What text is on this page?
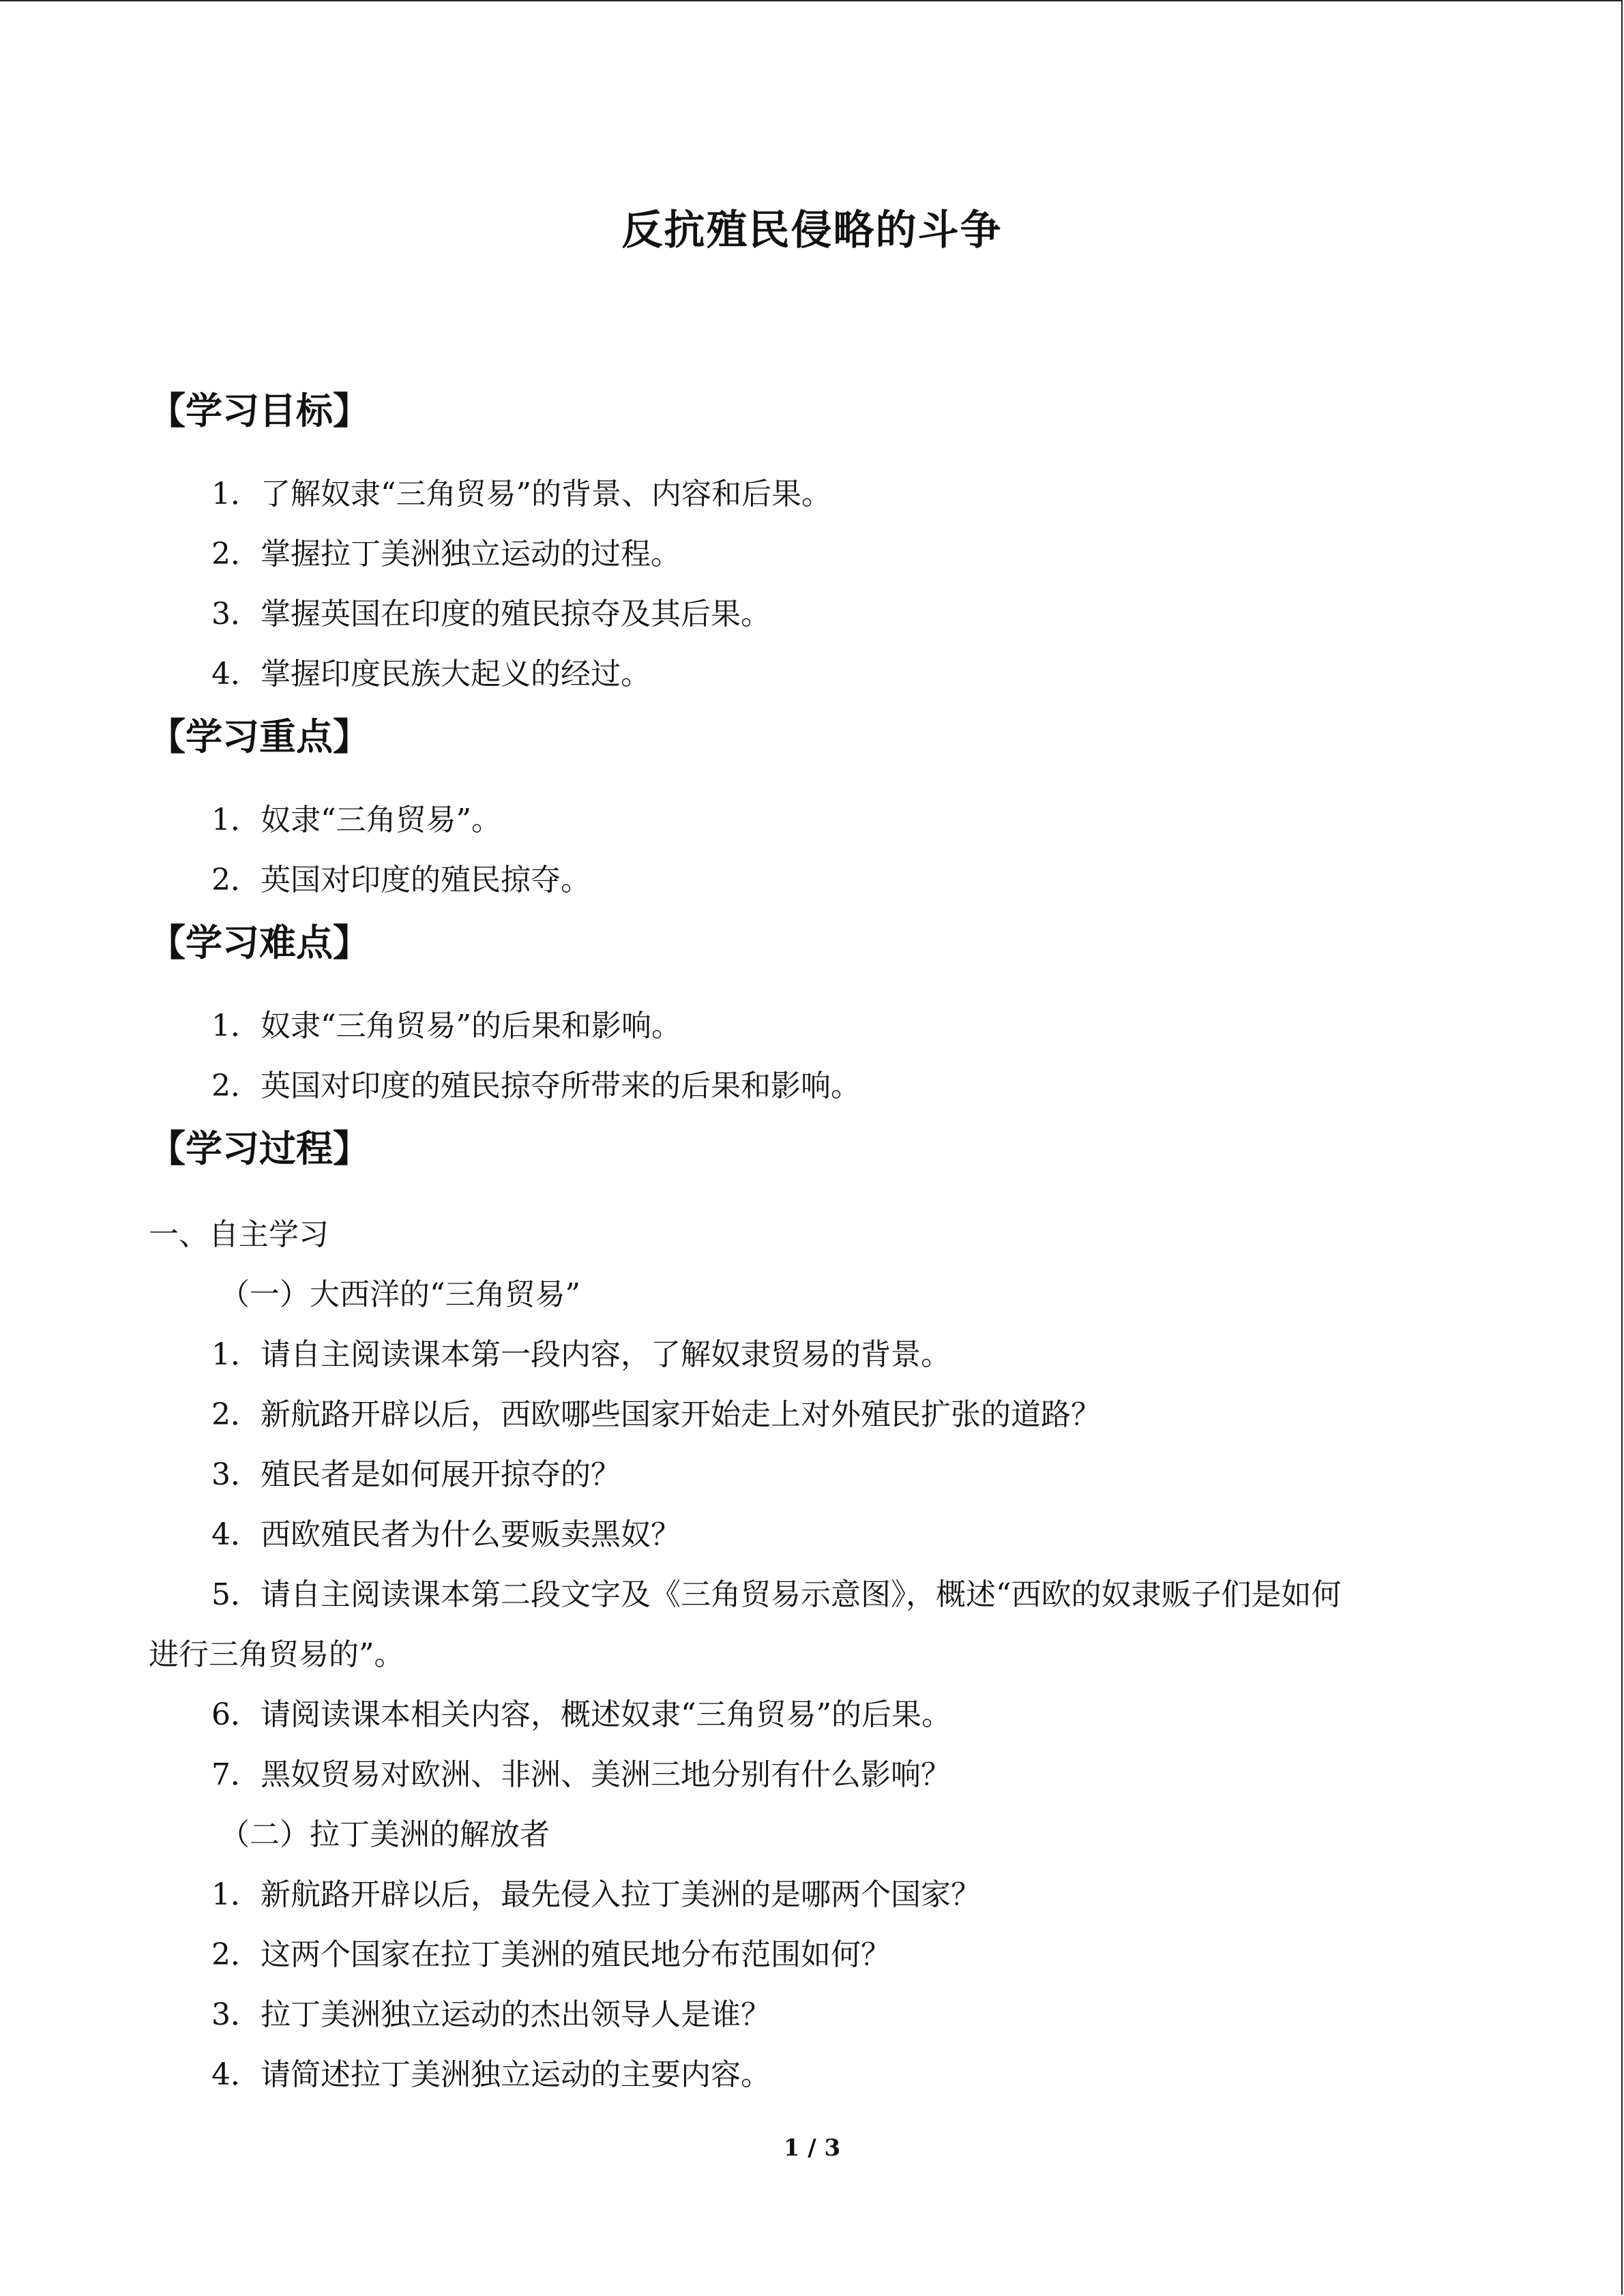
反抗殖民侵略的斗争
【学习目标】
1．了解奴隶“三角贸易”的背景、内容和后果。
2．掌握拉丁美洲独立运动的过程。
3．掌握英国在印度的殖民掠夺及其后果。
4．掌握印度民族大起义的经过。
【学习重点】
1．奴隶“三角贸易”。
2．英国对印度的殖民掠夺。
【学习难点】
1．奴隶“三角贸易”的后果和影响。
2．英国对印度的殖民掠夺所带来的后果和影响。
【学习过程】
一、自主学习
（一）大西洋的“三角贸易”
1．请自主阅读课本第一段内容，了解奴隶贸易的背景。
2．新航路开辟以后，西欧哪些国家开始走上对外殖民扩张的道路？
3．殖民者是如何展开掠夺的？
4．西欧殖民者为什么要贩卖黑奴？
5．请自主阅读课本第二段文字及《三角贸易示意图》，概述“西欧的奴隶贩子们是如何
进行三角贸易的”。
6．请阅读课本相关内容，概述奴隶“三角贸易”的后果。
7．黑奴贸易对欧洲、非洲、美洲三地分别有什么影响？
（二）拉丁美洲的解放者
1．新航路开辟以后，最先侵入拉丁美洲的是哪两个国家？
2．这两个国家在拉丁美洲的殖民地分布范围如何？
3．拉丁美洲独立运动的杰出领导人是谁？
4．请简述拉丁美洲独立运动的主要内容。
1 / 3
